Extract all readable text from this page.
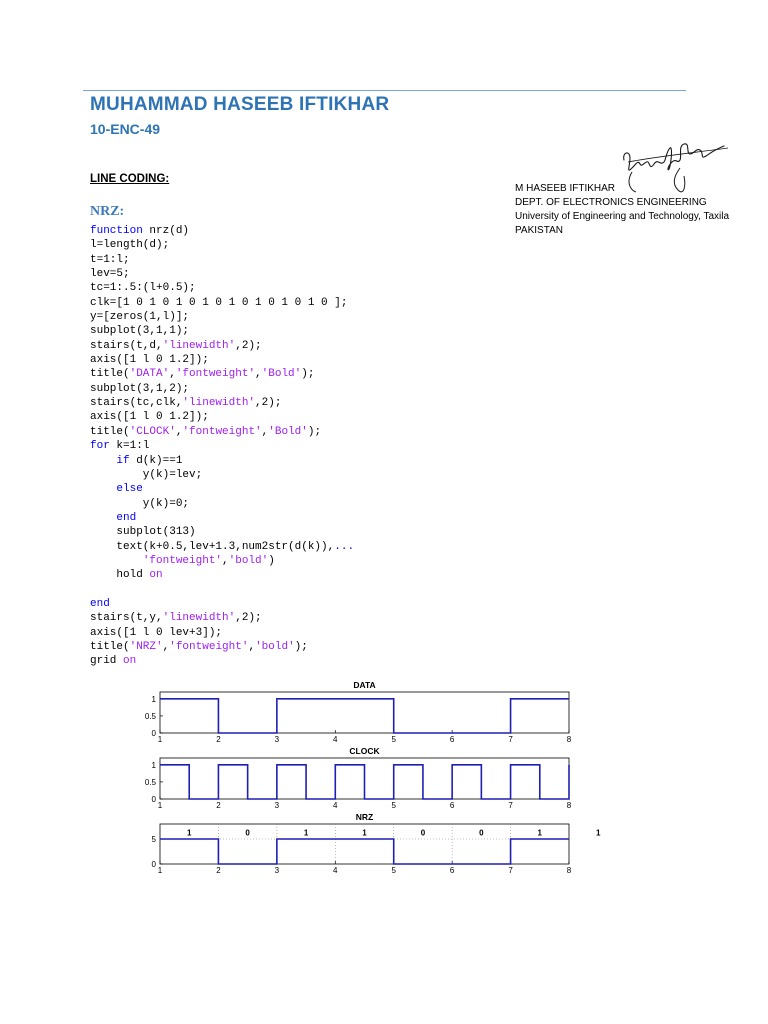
MUHAMMAD HASEEB IFTIKHAR
10-ENC-49
M HASEEB IFTIKHAR
DEPT. OF ELECTRONICS ENGINEERING
University of Engineering and Technology, Taxila
PAKISTAN
LINE CODING:
NRZ:
function nrz(d)
l=length(d);
t=1:l;
lev=5;
tc=1:.5:(l+0.5);
clk=[1 0 1 0 1 0 1 0 1 0 1 0 1 0 1 0 ];
y=[zeros(1,l)];
subplot(3,1,1);
stairs(t,d,'linewidth',2);
axis([1 l 0 1.2]);
title('DATA','fontweight','Bold');
subplot(3,1,2);
stairs(tc,clk,'linewidth',2);
axis([1 l 0 1.2]);
title('CLOCK','fontweight','Bold');
for k=1:l
if d(k)==1
y(k)=lev;
else
y(k)=0;
end
subplot(313)
text(k+0.5,lev+1.3,num2str(d(k)),...
'fontweight','bold')
hold on

end
stairs(t,y,'linewidth',2);
axis([1 l 0 lev+3]);
title('NRZ','fontweight','bold');
grid on
DATA
1	2	3	4	5	6	7	8
0
0.5
1
CLOCK
1	2	3	4	5	6	7	8
0
0.5
1
NRZ
1	2	3	4	5	6	7	8
0
5
1	0	1	1	0	0	1	1
